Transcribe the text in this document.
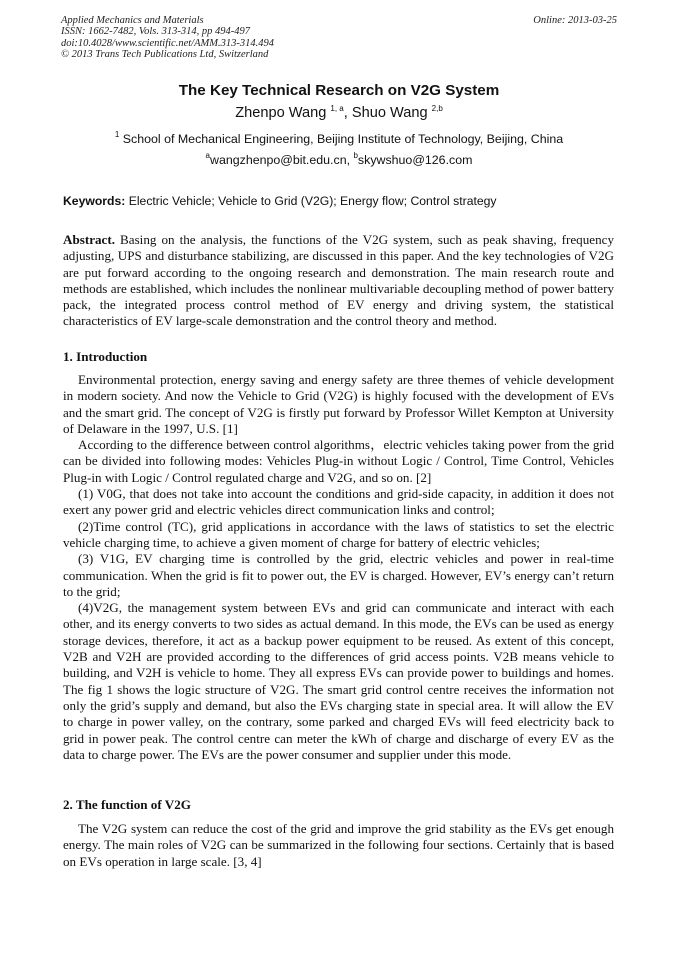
Applied Mechanics and Materials
ISSN: 1662-7482, Vols. 313-314, pp 494-497
doi:10.4028/www.scientific.net/AMM.313-314.494
© 2013 Trans Tech Publications Ltd, Switzerland
Online: 2013-03-25
The Key Technical Research on V2G System
Zhenpo Wang $^{1, a}$, Shuo Wang $^{2,b}$
$^1$ School of Mechanical Engineering, Beijing Institute of Technology, Beijing, China
$^a$wangzhenpo@bit.edu.cn, $^b$skywshuo@126.com
Keywords: Electric Vehicle; Vehicle to Grid (V2G); Energy flow; Control strategy

Abstract. Basing on the analysis, the functions of the V2G system, such as peak shaving, frequency adjusting, UPS and disturbance stabilizing, are discussed in this paper. And the key technologies of V2G are put forward according to the ongoing research and demonstration. The main research route and methods are established, which includes the nonlinear multivariable decoupling method of power battery pack, the integrated process control method of EV energy and driving system, the statistical characteristics of EV large-scale demonstration and the control theory and method.

1. Introduction

Environmental protection, energy saving and energy safety are three themes of vehicle development in modern society. And now the Vehicle to Grid (V2G) is highly focused with the development of EVs and the smart grid. The concept of V2G is firstly put forward by Professor Willet Kempton at University of Delaware in the 1997, U.S. [1]

According to the difference between control algorithms，electric vehicles taking power from the grid can be divided into following modes: Vehicles Plug-in without Logic / Control, Time Control, Vehicles Plug-in with Logic / Control regulated charge and V2G, and so on. [2]

(1) V0G, that does not take into account the conditions and grid-side capacity, in addition it does not exert any power grid and electric vehicles direct communication links and control;

(2)Time control (TC), grid applications in accordance with the laws of statistics to set the electric vehicle charging time, to achieve a given moment of charge for battery of electric vehicles;

(3) V1G, EV charging time is controlled by the grid, electric vehicles and power in real-time communication. When the grid is fit to power out, the EV is charged. However, EV’s energy can’t return to the grid;

(4)V2G, the management system between EVs and grid can communicate and interact with each other, and its energy converts to two sides as actual demand. In this mode, the EVs can be used as energy storage devices, therefore, it act as a backup power equipment to be reused. As extent of this concept, V2B and V2H are provided according to the differences of grid access points. V2B means vehicle to building, and V2H is vehicle to home. They all express EVs can provide power to buildings and homes. The fig 1 shows the logic structure of V2G. The smart grid control centre receives the information not only the grid’s supply and demand, but also the EVs charging state in special area. It will allow the EV to charge in power valley, on the contrary, some parked and charged EVs will feed electricity back to grid in power peak. The control centre can meter the kWh of charge and discharge of every EV as the data to charge power. The EVs are the power consumer and supplier under this mode.

2. The function of V2G

The V2G system can reduce the cost of the grid and improve the grid stability as the EVs get enough energy. The main roles of V2G can be summarized in the following four sections. Certainly that is based on EVs operation in large scale. [3, 4]
